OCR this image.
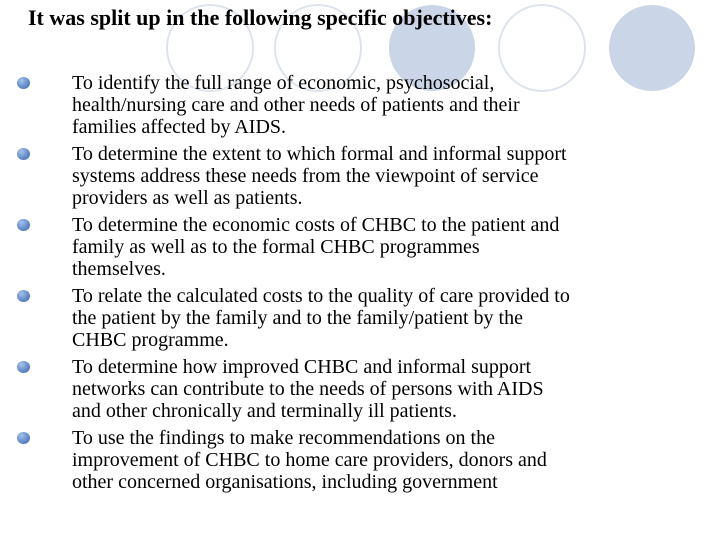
It was split up in the following specific objectives:
To identify the full range of economic, psychosocial,
health/nursing care and other needs of patients and their
families affected by AIDS.
To determine the extent to which formal and informal support
systems address these needs from the viewpoint of service
providers as well as patients.
To determine the economic costs of CHBC to the patient and
family as well as to the formal CHBC programmes
themselves.
To relate the calculated costs to the quality of care provided to
the patient by the family and to the family/patient by the
CHBC programme.
To determine how improved CHBC and informal support
networks can contribute to the needs of persons with AIDS
and other chronically and terminally ill patients.
To use the findings to make recommendations on the
improvement of CHBC to home care providers, donors and
other concerned organisations, including government
